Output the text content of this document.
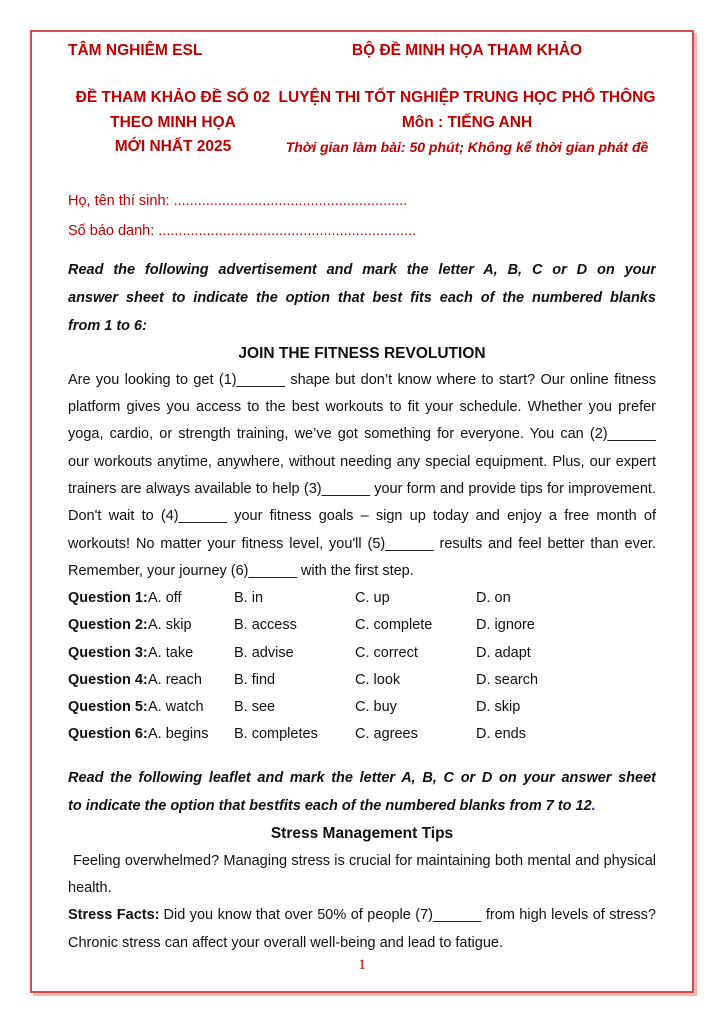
TÂM NGHIÊM ESL	BỘ ĐỀ MINH HỌA THAM KHẢO
ĐỀ THAM KHẢO ĐỀ SỐ 02
THEO MINH HỌA
MỚI NHẤT 2025
LUYỆN THI TỐT NGHIỆP TRUNG HỌC PHỔ THÔNG
Môn : TIẾNG ANH
Thời gian làm bài: 50 phút; Không kể thời gian phát đề
Họ, tên thí sinh: ..........................................................
Số báo danh: ................................................................
Read the following advertisement and mark the letter A, B, C or D on your
answer sheet to indicate the option that best fits each of the numbered blanks
from 1 to 6:
JOIN THE FITNESS REVOLUTION
Are you looking to get (1)______ shape but don’t know where to start? Our online fitness
platform gives you access to the best workouts to fit your schedule. Whether you prefer
yoga, cardio, or strength training, we’ve got something for everyone. You can (2)______
our workouts anytime, anywhere, without needing any special equipment. Plus, our expert
trainers are always available to help (3)______ your form and provide tips for improvement.
Don't wait to (4)______ your fitness goals – sign up today and enjoy a free month of
workouts! No matter your fitness level, you'll (5)______ results and feel better than ever.
Remember, your journey (6)______ with the first step.
Question 1: A. off	B. in	C. up	D. on
Question 2: A. skip	B. access	C. complete	D. ignore
Question 3: A. take	B. advise	C. correct	D. adapt
Question 4: A. reach	B. find	C. look	D. search
Question 5: A. watch	B. see	C. buy	D. skip
Question 6: A. begins	B. completes	C. agrees	D. ends
Read the following leaflet and mark the letter A, B, C or D on your answer sheet
to indicate the option that bestfits each of the numbered blanks from 7 to 12.
Stress Management Tips
Feeling overwhelmed? Managing stress is crucial for maintaining both mental and physical
health.
Stress Facts: Did you know that over 50% of people (7)______ from high levels of stress?
Chronic stress can affect your overall well-being and lead to fatigue.
1
